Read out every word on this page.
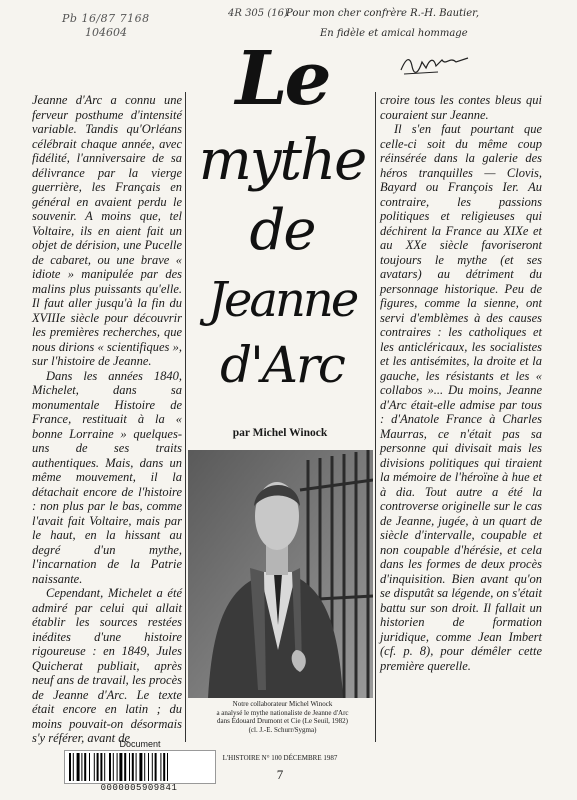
Pb 16/87 7168
104604
4R 305 (16)
Pour mon cher confrère R.-H. Bautier,
En fidèle et amical hommage

Jeanne d'Arc a connu une ferveur posthume d'intensité variable. Tandis qu'Orléans célébrait chaque année, avec fidélité, l'anniversaire de sa délivrance par la vierge guerrière, les Français en général en avaient perdu le souvenir. A moins que, tel Voltaire, ils en aient fait un objet de dérision, une Pucelle de cabaret, ou une brave « idiote » manipulée par des malins plus puissants qu'elle. Il faut aller jusqu'à la fin du XVIIIe siècle pour découvrir les premières recherches, que nous dirions « scientifiques », sur l'histoire de Jeanne.

Dans les années 1840, Michelet, dans sa monumentale Histoire de France, restituait à la « bonne Lorraine » quelques-uns de ses traits authentiques. Mais, dans un même mouvement, il la détachait encore de l'histoire : non plus par le bas, comme l'avait fait Voltaire, mais par le haut, en la hissant au degré d'un mythe, l'incarnation de la Patrie naissante.

Cependant, Michelet a été admiré par celui qui allait établir les sources restées inédites d'une histoire rigoureuse : en 1849, Jules Quicherat publiait, après neuf ans de travail, les procès de Jeanne d'Arc. Le texte était encore en latin ; du moins pouvait-on désormais s'y référer, avant de

Le
mythe
de
Jeanne
d'Arc
par Michel Winock

Notre collaborateur Michel Winock

a analysé le mythe nationaliste de Jeanne d'Arc

dans Édouard Drumont et Cie (Le Seuil, 1982)

(cl. J.-E. Schurr/Sygma)

croire tous les contes bleus qui couraient sur Jeanne.

Il s'en faut pourtant que celle-ci soit du même coup réinsérée dans la galerie des héros tranquilles — Clovis, Bayard ou François Ier. Au contraire, les passions politiques et religieuses qui déchirent la France au XIXe et au XXe siècle favoriseront toujours le mythe (et ses avatars) au détriment du personnage historique. Peu de figures, comme la sienne, ont servi d'emblèmes à des causes contraires : les catholiques et les anticléricaux, les socialistes et les antisémites, la droite et la gauche, les résistants et les « collabos »... Du moins, Jeanne d'Arc était-elle admise par tous : d'Anatole France à Charles Maurras, ce n'était pas sa personne qui divisait mais les divisions politiques qui tiraient la mémoire de l'héroïne à hue et à dia. Tout autre a été la controverse originelle sur le cas de Jeanne, jugée, à un quart de siècle d'intervalle, coupable et non coupable d'hérésie, et cela dans les formes de deux procès d'inquisition. Bien avant qu'on se disputât sa légende, on s'était battu sur son droit. Il fallait un historien de formation juridique, comme Jean Imbert (cf. p. 8), pour démêler cette première querelle.

L'HISTOIRE N° 100 DÉCEMBRE 1987
7
Document
0000005909841
